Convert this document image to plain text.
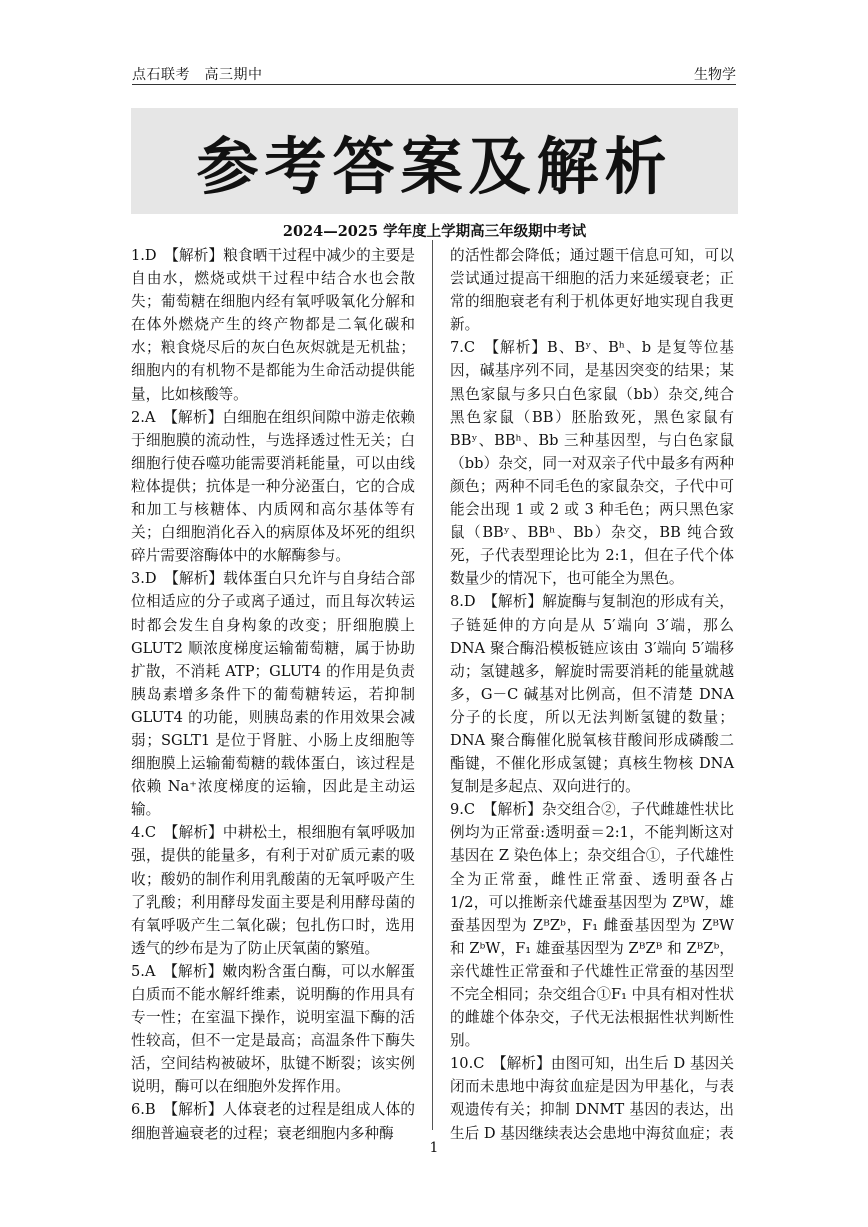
点石联考　高三期中	生物学
参考答案及解析
2024—2025 学年度上学期高三年级期中考试

1.D　【解析】粮食晒干过程中减少的主要是自由水，燃烧或烘干过程中结合水也会散失；葡萄糖在细胞内经有氧呼吸氧化分解和在体外燃烧产生的终产物都是二氧化碳和水；粮食烧尽后的灰白色灰烬就是无机盐；细胞内的有机物不是都能为生命活动提供能量，比如核酸等。

2.A　【解析】白细胞在组织间隙中游走依赖于细胞膜的流动性，与选择透过性无关；白细胞行使吞噬功能需要消耗能量，可以由线粒体提供；抗体是一种分泌蛋白，它的合成和加工与核糖体、内质网和高尔基体等有关；白细胞消化吞入的病原体及坏死的组织碎片需要溶酶体中的水解酶参与。

3.D　【解析】载体蛋白只允许与自身结合部位相适应的分子或离子通过，而且每次转运时都会发生自身构象的改变；肝细胞膜上GLUT2 顺浓度梯度运输葡萄糖，属于协助扩散，不消耗 ATP；GLUT4 的作用是负责胰岛素增多条件下的葡萄糖转运，若抑制GLUT4 的功能，则胰岛素的作用效果会减弱；SGLT1 是位于肾脏、小肠上皮细胞等细胞膜上运输葡萄糖的载体蛋白，该过程是依赖 Na⁺浓度梯度的运输，因此是主动运输。

4.C　【解析】中耕松土，根细胞有氧呼吸加强，提供的能量多，有利于对矿质元素的吸收；酸奶的制作利用乳酸菌的无氧呼吸产生了乳酸；利用酵母发面主要是利用酵母菌的有氧呼吸产生二氧化碳；包扎伤口时，选用透气的纱布是为了防止厌氧菌的繁殖。

5.A　【解析】嫩肉粉含蛋白酶，可以水解蛋白质而不能水解纤维素，说明酶的作用具有专一性；在室温下操作，说明室温下酶的活性较高，但不一定是最高；高温条件下酶失活，空间结构被破坏，肽键不断裂；该实例说明，酶可以在细胞外发挥作用。

6.B　【解析】人体衰老的过程是组成人体的细胞普遍衰老的过程；衰老细胞内多种酶

的活性都会降低；通过题干信息可知，可以尝试通过提高干细胞的活力来延缓衰老；正常的细胞衰老有利于机体更好地实现自我更新。

7.C　【解析】B、Bʸ、Bʰ、b 是复等位基因，碱基序列不同，是基因突变的结果；某黑色家鼠与多只白色家鼠（bb）杂交,纯合黑色家鼠（BB）胚胎致死，黑色家鼠有 BBʸ、BBʰ、Bb 三种基因型，与白色家鼠（bb）杂交，同一对双亲子代中最多有两种颜色；两种不同毛色的家鼠杂交，子代中可能会出现 1 或 2 或 3 种毛色；两只黑色家鼠（BBʸ、BBʰ、Bb）杂交，BB 纯合致死，子代表型理论比为 2:1，但在子代个体数量少的情况下，也可能全为黑色。

8.D　【解析】解旋酶与复制泡的形成有关，子链延伸的方向是从 5′端向 3′端，那么 DNA 聚合酶沿模板链应该由 3′端向 5′端移动；氢键越多，解旋时需要消耗的能量就越多，G－C 碱基对比例高，但不清楚 DNA 分子的长度，所以无法判断氢键的数量；DNA 聚合酶催化脱氧核苷酸间形成磷酸二酯键，不催化形成氢键；真核生物核 DNA 复制是多起点、双向进行的。

9.C　【解析】杂交组合②，子代雌雄性状比例均为正常蚕:透明蚕＝2:1，不能判断这对基因在 Z 染色体上；杂交组合①，子代雄性全为正常蚕，雌性正常蚕、透明蚕各占 1/2，可以推断亲代雄蚕基因型为 ZᴮW，雄蚕基因型为 ZᴮZᵇ，F₁ 雌蚕基因型为 ZᴮW 和 ZᵇW，F₁ 雄蚕基因型为 ZᴮZᴮ 和 ZᴮZᵇ，亲代雄性正常蚕和子代雄性正常蚕的基因型不完全相同；杂交组合①F₁ 中具有相对性状的雌雄个体杂交，子代无法根据性状判断性别。

10.C　【解析】由图可知，出生后 D 基因关闭而未患地中海贫血症是因为甲基化，与表观遗传有关；抑制 DNMT 基因的表达，出生后 D 基因继续表达会患地中海贫血症；表

1
